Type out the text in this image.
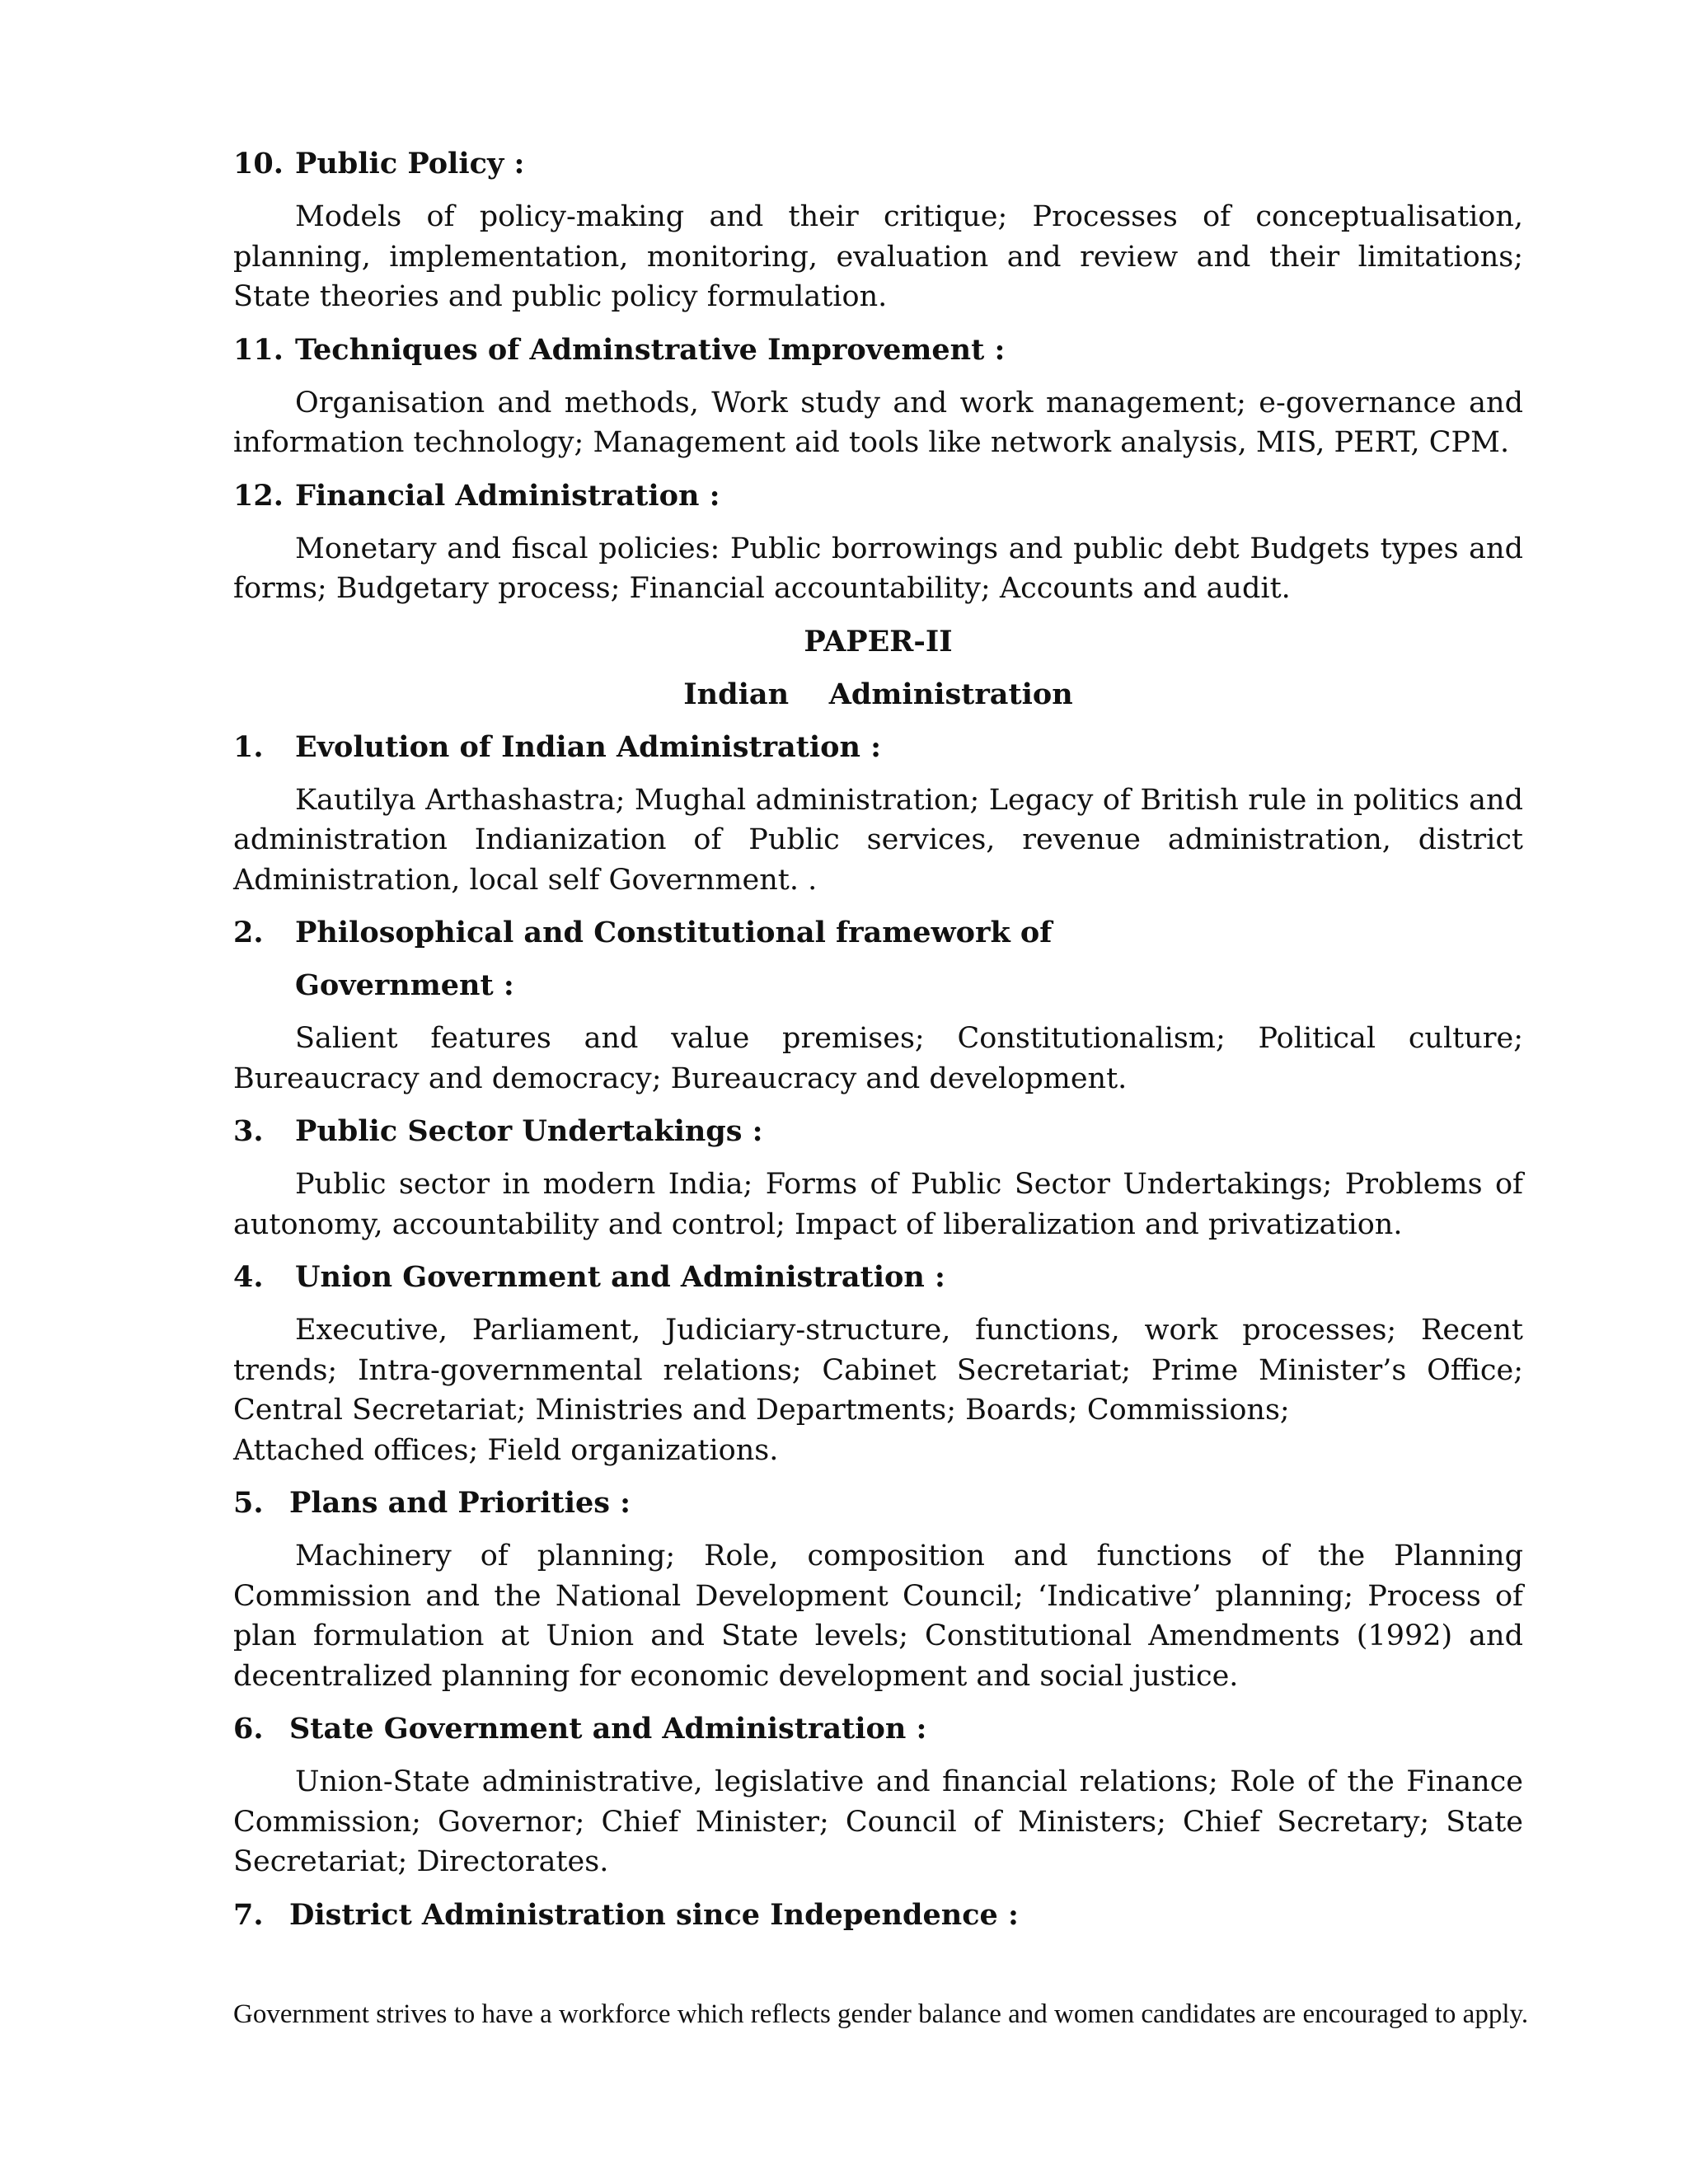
10. Public Policy :

Models of policy-making and their critique; Processes of conceptualisation, planning, implementation, monitoring, evaluation and review and their limitations; State theories and public policy formulation.

11. Techniques of Adminstrative Improvement :

Organisation and methods, Work study and work management; e-governance and information technology; Management aid tools like network analysis, MIS, PERT, CPM.

12. Financial Administration :

Monetary and fiscal policies: Public borrowings and public debt Budgets types and forms; Budgetary process; Financial accountability; Accounts and audit.

PAPER-II
Indian    Administration
1.	Evolution of Indian Administration :

Kautilya Arthashastra; Mughal administration; Legacy of British rule in politics and administration Indianization of Public services, revenue administration, district Administration, local self Government. .

2.	Philosophical and Constitutional framework of
Government :

Salient features and value premises; Constitutionalism; Political culture; Bureaucracy and democracy; Bureaucracy and development.

3.	Public Sector Undertakings :

Public sector in modern India; Forms of Public Sector Undertakings; Problems of autonomy, accountability and control; Impact of liberalization and privatization.

4.	Union Government and Administration :

Executive, Parliament, Judiciary-structure, functions, work processes; Recent trends; Intra-governmental relations; Cabinet Secretariat; Prime Minister’s Office; Central Secretariat; Ministries and Departments; Boards; Commissions;

Attached offices; Field organizations.

5. Plans and Priorities :

Machinery of planning; Role, composition and functions of the Planning Commission and the National Development Council; ‘Indicative’ planning; Process of plan formulation at Union and State levels; Constitutional Amendments (1992) and decentralized planning for economic development and social justice.

6. State Government and Administration :

Union-State administrative, legislative and financial relations; Role of the Finance Commission; Governor; Chief Minister; Council of Ministers; Chief Secretary; State Secretariat; Directorates.

7. District Administration since Independence :
Government strives to have a workforce which reflects gender balance and women candidates are encouraged to apply.
